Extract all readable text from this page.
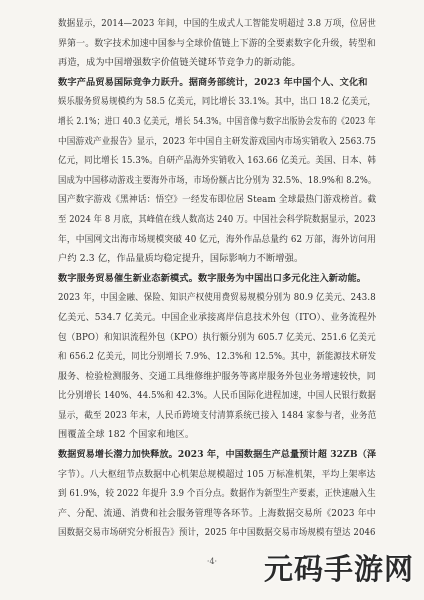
数据显示，2014—2023 年间，中国的生成式人工智能发明超过 3.8 万项，位居世
界第一。数字技术加速中国参与全球价值链上下游的全要素数字化升级，转型和
再造，成为中国增强数字价值链关键环节竞争力的新动能。
数字产品贸易国际竞争力跃升。据商务部统计，2023 年中国个人、文化和
娱乐服务贸易规模约为 58.5 亿美元，同比增长 33.1%。其中，出口 18.2 亿美元，
增长 2.1%；进口 40.3 亿美元，增长 54.3%。中国音像与数字出版协会发布的《2023 年
中国游戏产业报告》显示，2023 年中国自主研发游戏国内市场实销收入 2563.75
亿元，同比增长 15.3%。自研产品海外实销收入 163.66 亿美元。美国、日本、韩
国成为中国移动游戏主要海外市场，市场份额占比分别为 32.5%、18.9%和 8.2%。
国产数字游戏《黑神话：悟空》一经发布即位居 Steam 全球最热门游戏榜首。截
至 2024 年 8 月底，其峰值在线人数高达 240 万。中国社会科学院数据显示，2023
年，中国网文出海市场规模突破 40 亿元，海外作品总量约 62 万部，海外访问用
户约 2.3 亿，作品量质均稳定提升，国际影响力不断增强。
数字服务贸易催生新业态新模式。数字服务为中国出口多元化注入新动能。
2023 年，中国金融、保险、知识产权使用费贸易规模分别为 80.9 亿美元、243.8
亿美元、534.7 亿美元。中国企业承接离岸信息技术外包（ITO）、业务流程外
包（BPO）和知识流程外包（KPO）执行额分别为 605.7 亿美元、251.6 亿美元
和 656.2 亿美元，同比分别增长 7.9%、12.3%和 12.5%。其中，新能源技术研发
服务、检验检测服务、交通工具维修维护服务等离岸服务外包业务增速较快，同
比分别增长 140%、44.5%和 42.3%。人民币国际化进程加速，中国人民银行数据
显示，截至 2023 年末，人民币跨境支付清算系统已接入 1484 家参与者，业务范
围覆盖全球 182 个国家和地区。
数据贸易增长潜力加快释放。2023 年，中国数据生产总量预计超 32ZB（泽
字节）。八大枢纽节点数据中心机架总规模超过 105 万标准机架，平均上架率达
到 61.9%，较 2022 年提升 3.9 个百分点。数据作为新型生产要素，正快速融入生
产、分配、流通、消费和社会服务管理等各环节。上海数据交易所《2023 年中
国数据交易市场研究分析报告》预计，2025 年中国数据交易市场规模有望达 2046
·4·	元码手游网
